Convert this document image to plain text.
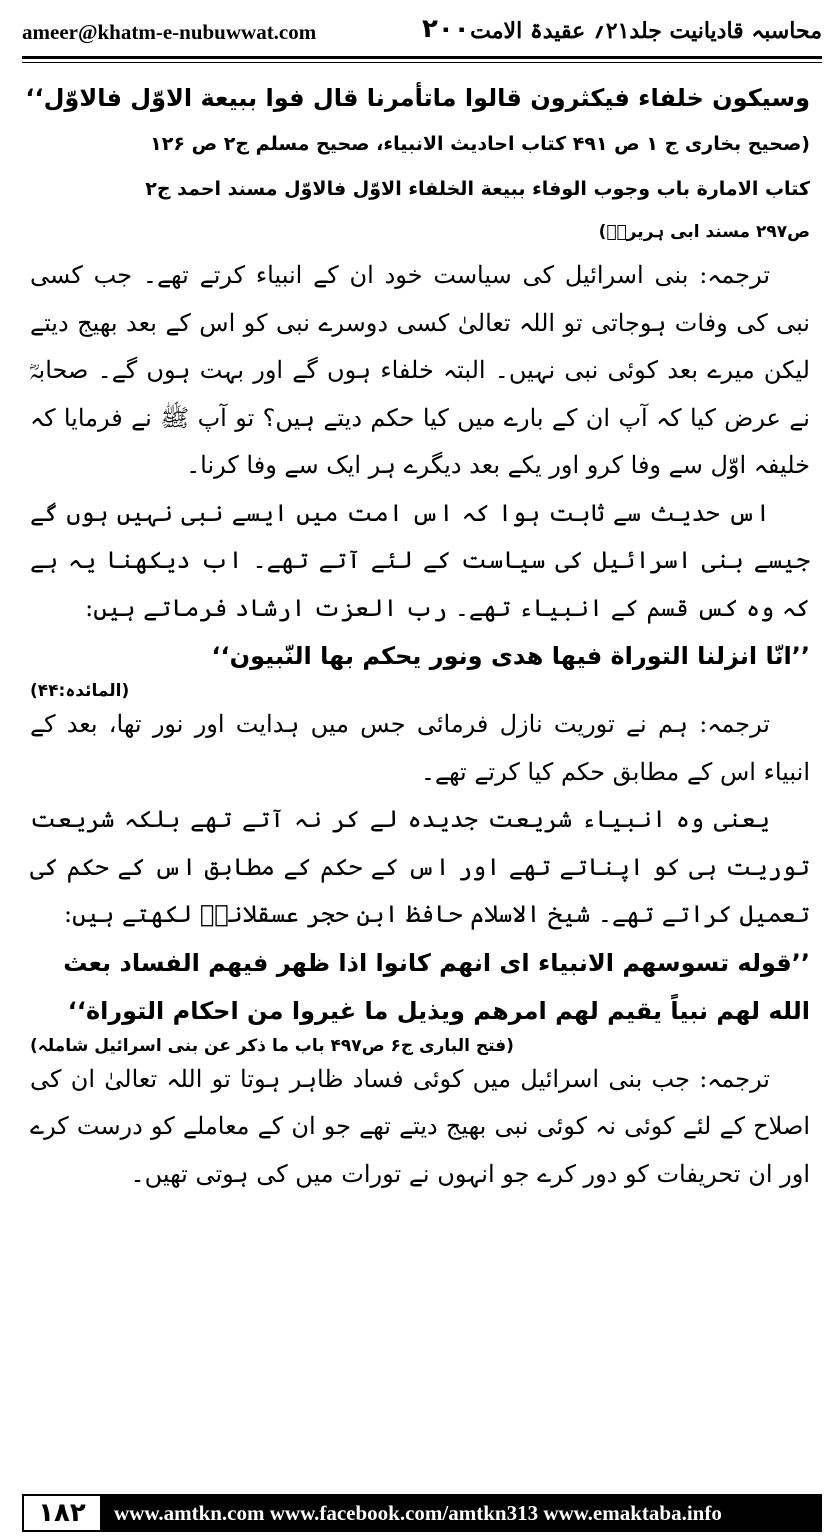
ameer@khatm-e-nubuwwat.com	۲۰۰ محاسبہ قادیانیت جلد۲۱؍ عقیدۃ الامت

وسیکون خلفاء فیکثرون قالوا ماتأمرنا قال فوا ببیعة الاوّل فالاوّل‘‘

(صحیح بخاری ج ۱ ص ۴۹۱ کتاب احادیث الانبیاء، صحیح مسلم ج۲ ص ۱۲۶

کتاب الامارة باب وجوب الوفاء ببیعة الخلفاء الاوّل فالاوّل مسند احمد ج۲

ص۲۹۷ مسند ابی ہریرہؓ)

ترجمہ: بنی اسرائیل کی سیاست خود ان کے انبیاء کرتے تھے۔ جب کسی نبی کی وفات ہوجاتی تو اللہ تعالیٰ کسی دوسرے نبی کو اس کے بعد بھیج دیتے لیکن میرے بعد کوئی نبی نہیں۔ البتہ خلفاء ہوں گے اور بہت ہوں گے۔ صحابہؓ نے عرض کیا کہ آپ ان کے بارے میں کیا حکم دیتے ہیں؟ تو آپ ﷺ نے فرمایا کہ خلیفہ اوّل سے وفا کرو اور یکے بعد دیگرے ہر ایک سے وفا کرنا۔

اس حدیث سے ثابت ہوا کہ اس امت میں ایسے نبی نہیں ہوں گے جیسے بنی اسرائیل کی سیاست کے لئے آتے تھے۔ اب دیکھنا یہ ہے کہ وہ کس قسم کے انبیاء تھے۔ رب العزت ارشاد فرماتے ہیں:

’’انّا انزلنا التوراة فیها هدی ونور یحکم بها النّبیون‘‘

(المائدہ:۴۴)

ترجمہ: ہم نے توریت نازل فرمائی جس میں ہدایت اور نور تھا، بعد کے انبیاء اس کے مطابق حکم کیا کرتے تھے۔

یعنی وہ انبیاء شریعت جدیدہ لے کر نہ آتے تھے بلکہ شریعت توریت ہی کو اپناتے تھے اور اس کے حکم کے مطابق اس کے حکم کی تعمیل کراتے تھے۔ شیخ الاسلام حافظ ابن حجر عسقلانیؒ لکھتے ہیں:

’’قوله تسوسهم الانبیاء ای انهم کانوا اذا ظهر فیهم الفساد بعث الله لهم نبیاً یقیم لهم امرهم ویذیل ما غیروا من احکام التوراة‘‘

(فتح الباری ج۶ ص۴۹۷ باب ما ذکر عن بنی اسرائیل شاملہ)

ترجمہ: جب بنی اسرائیل میں کوئی فساد ظاہر ہوتا تو اللہ تعالیٰ ان کی اصلاح کے لئے کوئی نہ کوئی نبی بھیج دیتے تھے جو ان کے معاملے کو درست کرے اور ان تحریفات کو دور کرے جو انہوں نے تورات میں کی ہوتی تھیں۔

۱۸۲	www.amtkn.com www.facebook.com/amtkn313 www.emaktaba.info
